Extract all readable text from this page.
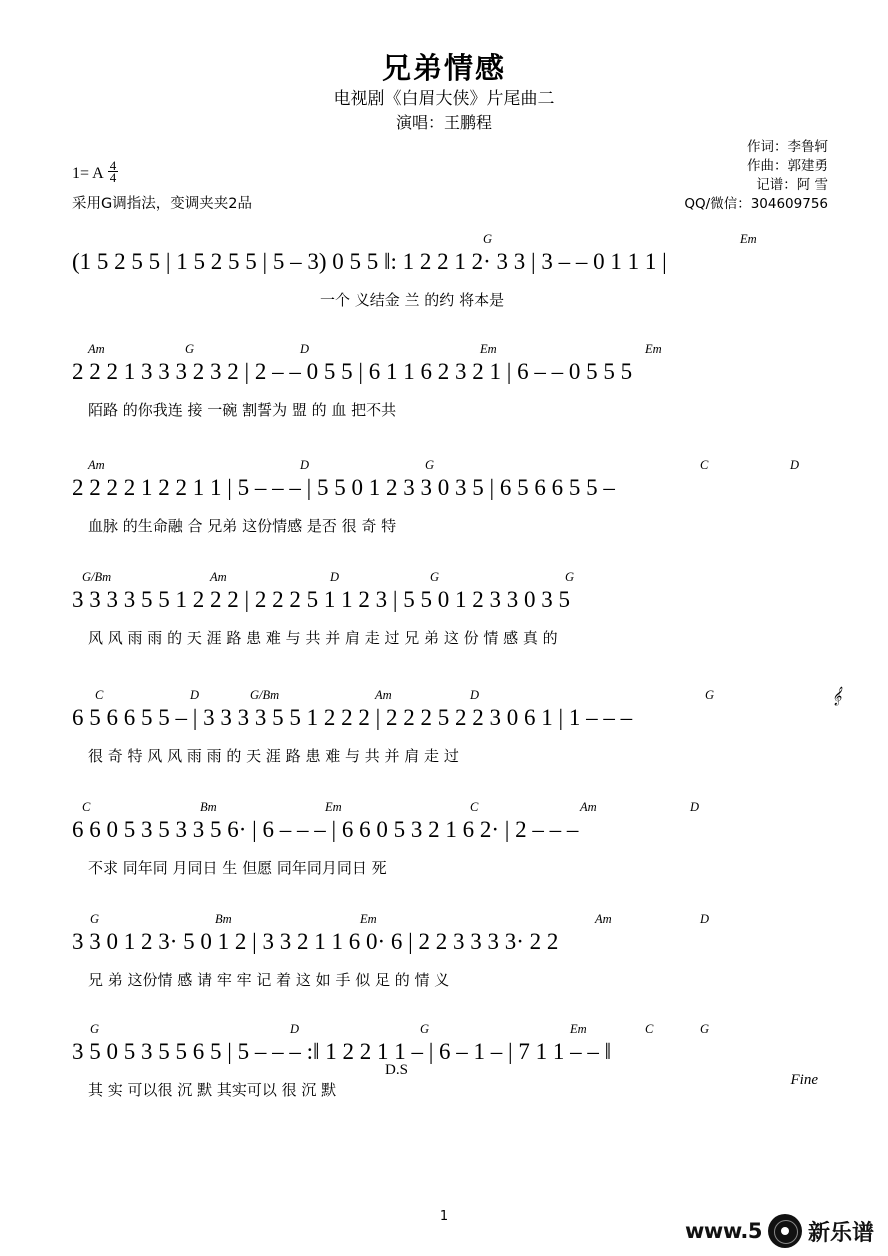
兄弟情感
电视剧《白眉大侠》片尾曲二
演唱：王鹏程
作词：李鲁轲
作曲：郭建勇
记谱：阿 雪
QQ/微信：304609756
1= A $\frac{4}{4}$
采用G调指法，变调夹夹2品
G	Em
(1 5 2 5 5 | 1 5 2 5 5 | 5 – 3) 0 5 5 ‖: 1 2 2 1 2· 3 3 | 3 – – 0 1 1 1 |
一个 义结金 兰 的约 将本是
Am	G	D	Em	Em
2 2 2 1 3 3 3 2 3 2 | 2 – – 0 5 5 | 6 1 1 6 2 3 2 1 | 6 – – 0 5 5 5
陌路 的你我连 接 一碗 割誓为 盟 的 血 把不共
Am	D	G	C	D
2 2 2 2 1 2 2 1 1 | 5 – – – | 5 5 0 1 2 3 3 0 3 5 | 6 5 6 6 5 5 –
血脉 的生命融 合 兄弟 这份情感 是否 很 奇 特
G/Bm	Am	D	G	G
3 3 3 3 5 5 1 2 2 2 | 2 2 2 5 1 1 2 3 | 5 5 0 1 2 3 3 0 3 5
风 风 雨 雨 的 天 涯 路 患 难 与 共 并 肩 走 过 兄 弟 这 份 情 感 真 的
C	D	G/Bm	Am	D	G	𝄞
6 5 6 6 5 5 – | 3 3 3 3 5 5 1 2 2 2 | 2 2 2 5 2 2 3 0 6 1 | 1 – – –
很 奇 特 风 风 雨 雨 的 天 涯 路 患 难 与 共 并 肩 走 过
C	Bm	Em	C	Am	D
6 6 0 5 3 5 3 3 5 6· | 6 – – – | 6 6 0 5 3 2 1 6 2· | 2 – – –
不求 同年同 月同日 生 但愿 同年同月同日 死
G	Bm	Em	Am	D
3 3 0 1 2 3· 5 0 1 2 | 3 3 2 1 1 6 0· 6 | 2 2 3 3 3 3· 2 2
兄 弟 这份情 感 请 牢 牢 记 着 这 如 手 似 足 的 情 义
G	D	G	Em	C	G
3 5 0 5 3 5 5 6 5 | 5 – – – :‖ 1 2 2 1 1 – | 6 – 1 – | 7 1 1 – – ‖
其 实 可以很 沉 默 其实可以 很 沉 默
D.S
Fine
1
www.5 新乐谱
